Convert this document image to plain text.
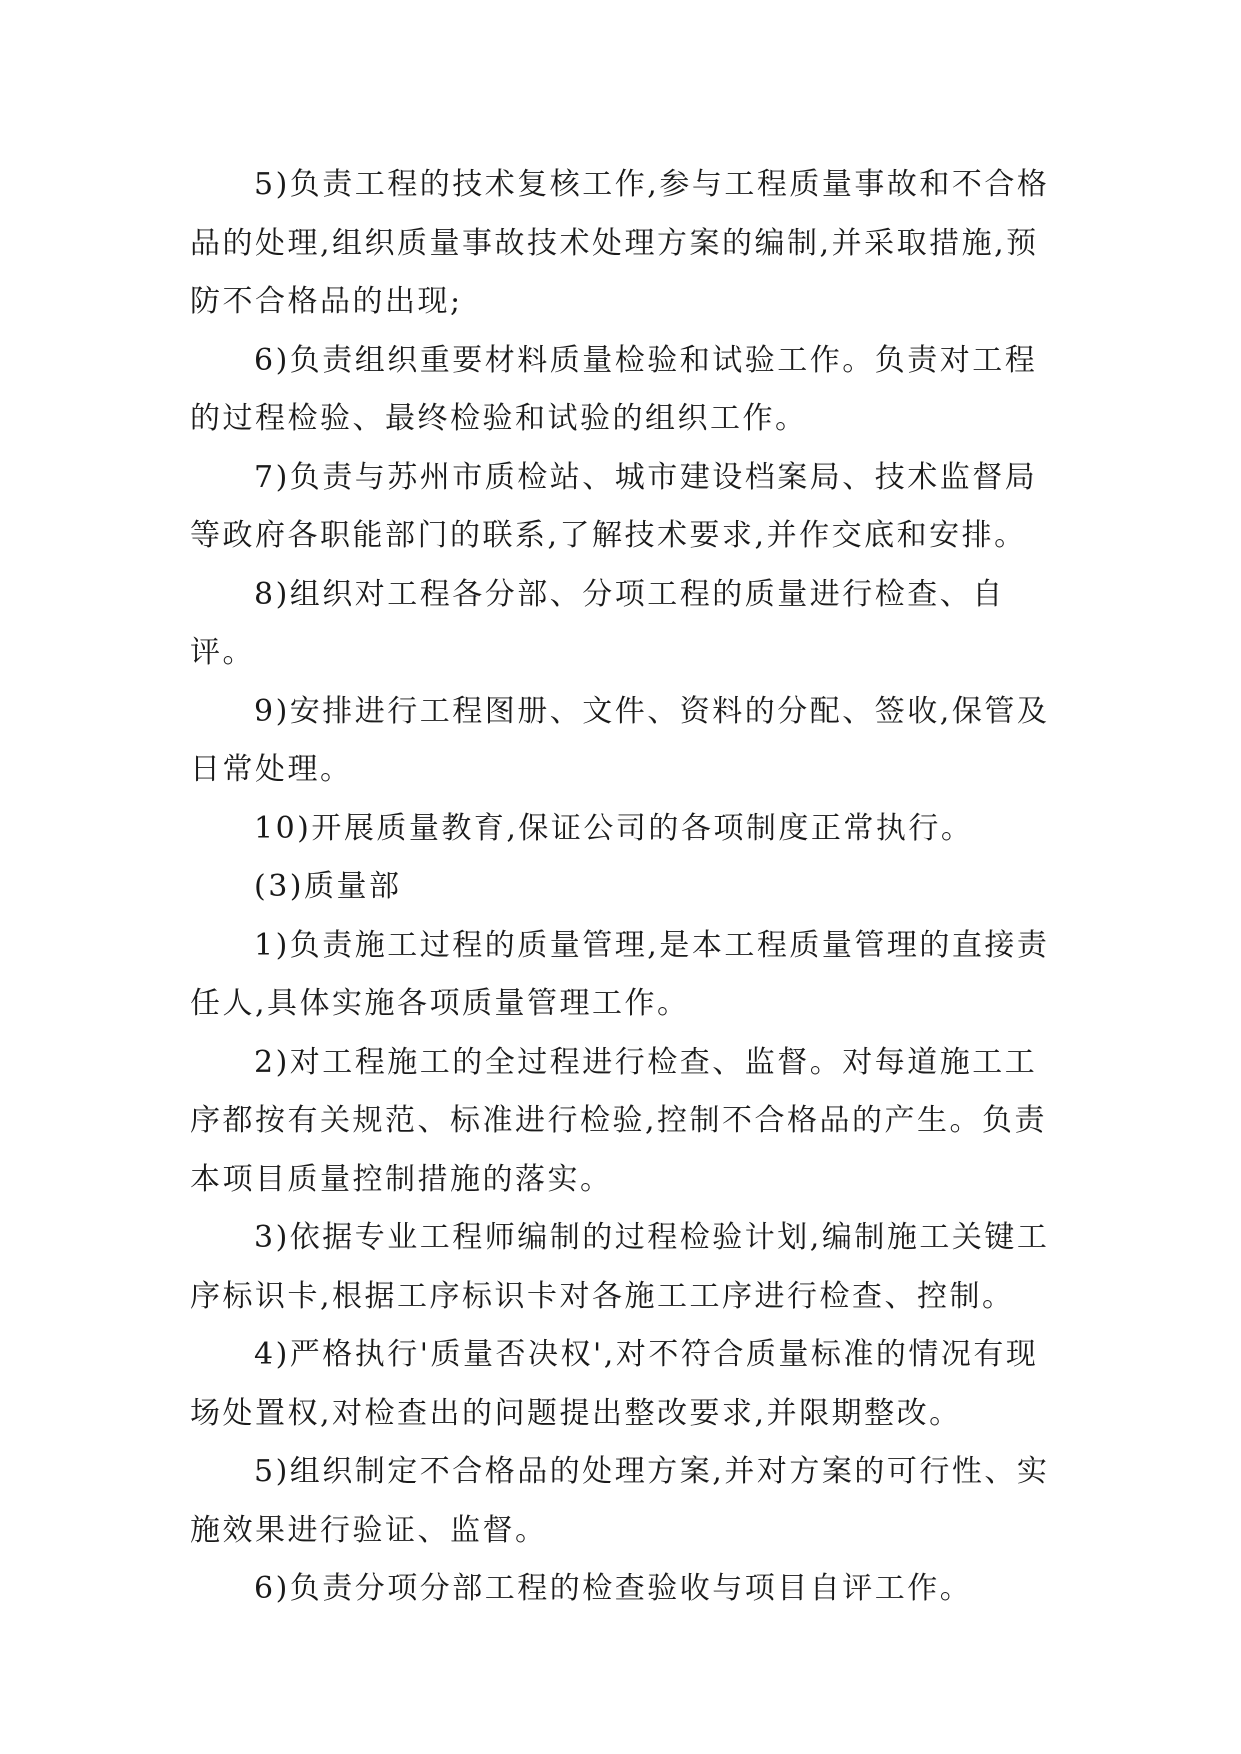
5)负责工程的技术复核工作,参与工程质量事故和不合格品的处理,组织质量事故技术处理方案的编制,并采取措施,预防不合格品的出现;

6)负责组织重要材料质量检验和试验工作。负责对工程的过程检验、最终检验和试验的组织工作。

7)负责与苏州市质检站、城市建设档案局、技术监督局等政府各职能部门的联系,了解技术要求,并作交底和安排。

8)组织对工程各分部、分项工程的质量进行检查、自评。

9)安排进行工程图册、文件、资料的分配、签收,保管及日常处理。

10)开展质量教育,保证公司的各项制度正常执行。

(3)质量部

1)负责施工过程的质量管理,是本工程质量管理的直接责任人,具体实施各项质量管理工作。

2)对工程施工的全过程进行检查、监督。对每道施工工序都按有关规范、标准进行检验,控制不合格品的产生。负责本项目质量控制措施的落实。

3)依据专业工程师编制的过程检验计划,编制施工关键工序标识卡,根据工序标识卡对各施工工序进行检查、控制。

4)严格执行'质量否决权',对不符合质量标准的情况有现场处置权,对检查出的问题提出整改要求,并限期整改。

5)组织制定不合格品的处理方案,并对方案的可行性、实施效果进行验证、监督。

6)负责分项分部工程的检查验收与项目自评工作。
